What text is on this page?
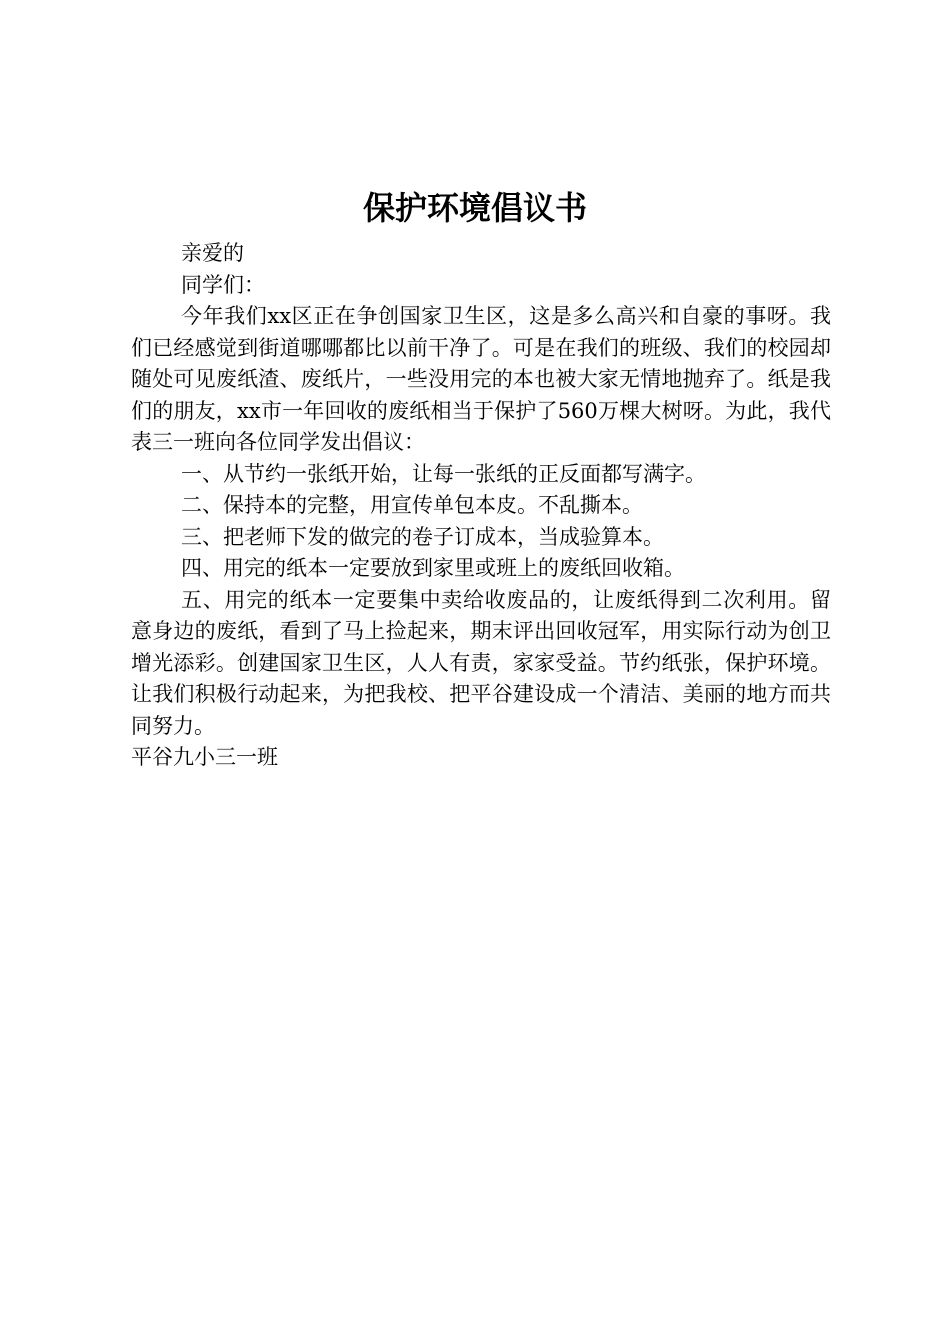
保护环境倡议书

亲爱的

同学们：

今年我们xx区正在争创国家卫生区，这是多么高兴和自豪的事呀。我们已经感觉到街道哪哪都比以前干净了。可是在我们的班级、我们的校园却随处可见废纸渣、废纸片，一些没用完的本也被大家无情地抛弃了。纸是我们的朋友，xx市一年回收的废纸相当于保护了560万棵大树呀。为此，我代表三一班向各位同学发出倡议：

一、从节约一张纸开始，让每一张纸的正反面都写满字。

二、保持本的完整，用宣传单包本皮。不乱撕本。

三、把老师下发的做完的卷子订成本，当成验算本。

四、用完的纸本一定要放到家里或班上的废纸回收箱。

五、用完的纸本一定要集中卖给收废品的，让废纸得到二次利用。留意身边的废纸，看到了马上捡起来，期末评出回收冠军，用实际行动为创卫增光添彩。创建国家卫生区，人人有责，家家受益。节约纸张，保护环境。让我们积极行动起来，为把我校、把平谷建设成一个清洁、美丽的地方而共同努力。

平谷九小三一班
